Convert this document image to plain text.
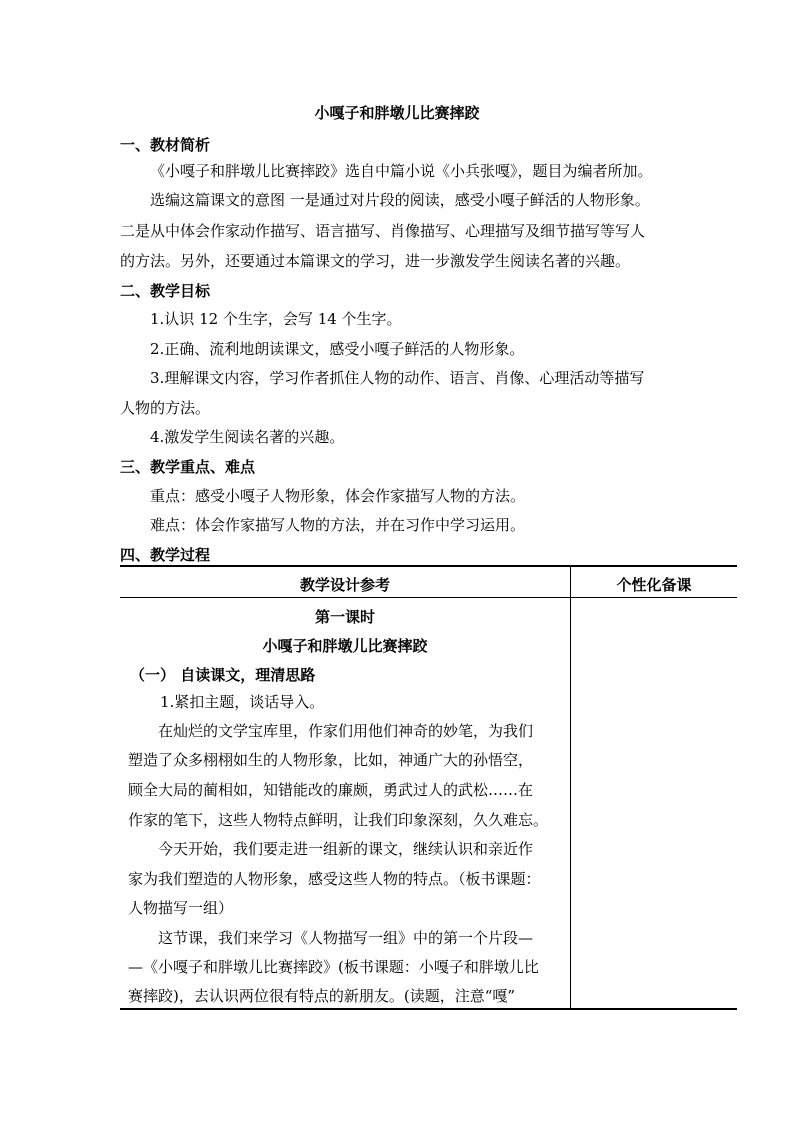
小嘎子和胖墩儿比赛摔跤
一、教材简析
《小嘎子和胖墩儿比赛摔跤》选自中篇小说《小兵张嘎》，题目为编者所加。
选编这篇课文的意图 一是通过对片段的阅读，感受小嘎子鲜活的人物形象。
二是从中体会作家动作描写、语言描写、肖像描写、心理描写及细节描写等写人
的方法。另外，还要通过本篇课文的学习，进一步激发学生阅读名著的兴趣。
二、教学目标
1.认识 12 个生字，会写 14 个生字。
2.正确、流利地朗读课文，感受小嘎子鲜活的人物形象。
3.理解课文内容，学习作者抓住人物的动作、语言、肖像、心理活动等描写
人物的方法。
4.激发学生阅读名著的兴趣。
三、教学重点、难点
重点：感受小嘎子人物形象，体会作家描写人物的方法。
难点：体会作家描写人物的方法，并在习作中学习运用。
四、教学过程
教学设计参考	个性化备课
第一课时
小嘎子和胖墩儿比赛摔跤
（一） 自读课文，理清思路
1.紧扣主题，谈话导入。
在灿烂的文学宝库里，作家们用他们神奇的妙笔，为我们
塑造了众多栩栩如生的人物形象，比如，神通广大的孙悟空，
顾全大局的蔺相如，知错能改的廉颇，勇武过人的武松……在
作家的笔下，这些人物特点鲜明，让我们印象深刻，久久难忘。
今天开始，我们要走进一组新的课文，继续认识和亲近作
家为我们塑造的人物形象，感受这些人物的特点。（板书课题：
人物描写一组）
这节课，我们来学习《人物描写一组》中的第一个片段—
—《小嘎子和胖墩儿比赛摔跤》(板书课题：小嘎子和胖墩儿比
赛摔跤)，去认识两位很有特点的新朋友。(读题，注意“嘎”
